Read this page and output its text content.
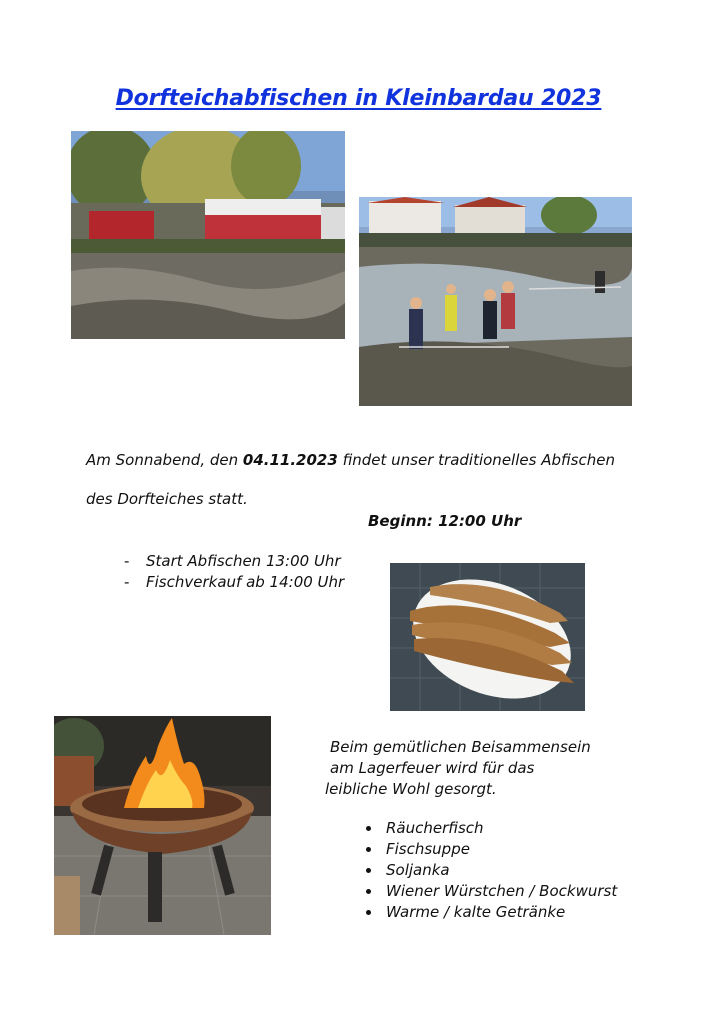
Dorfteichabfischen in Kleinbardau 2023

Am Sonnabend, den 04.11.2023 findet unser traditionelles Abfischen

des Dorfteiches statt.

Beginn: 12:00 Uhr

- Start Abfischen 13:00 Uhr
- Fischverkauf ab 14:00 Uhr

Beim gemütlichen Beisammensein

am Lagerfeuer wird für das

leibliche Wohl gesorgt.

Räucherfisch
Fischsuppe
Soljanka
Wiener Würstchen / Bockwurst
Warme / kalte Getränke
